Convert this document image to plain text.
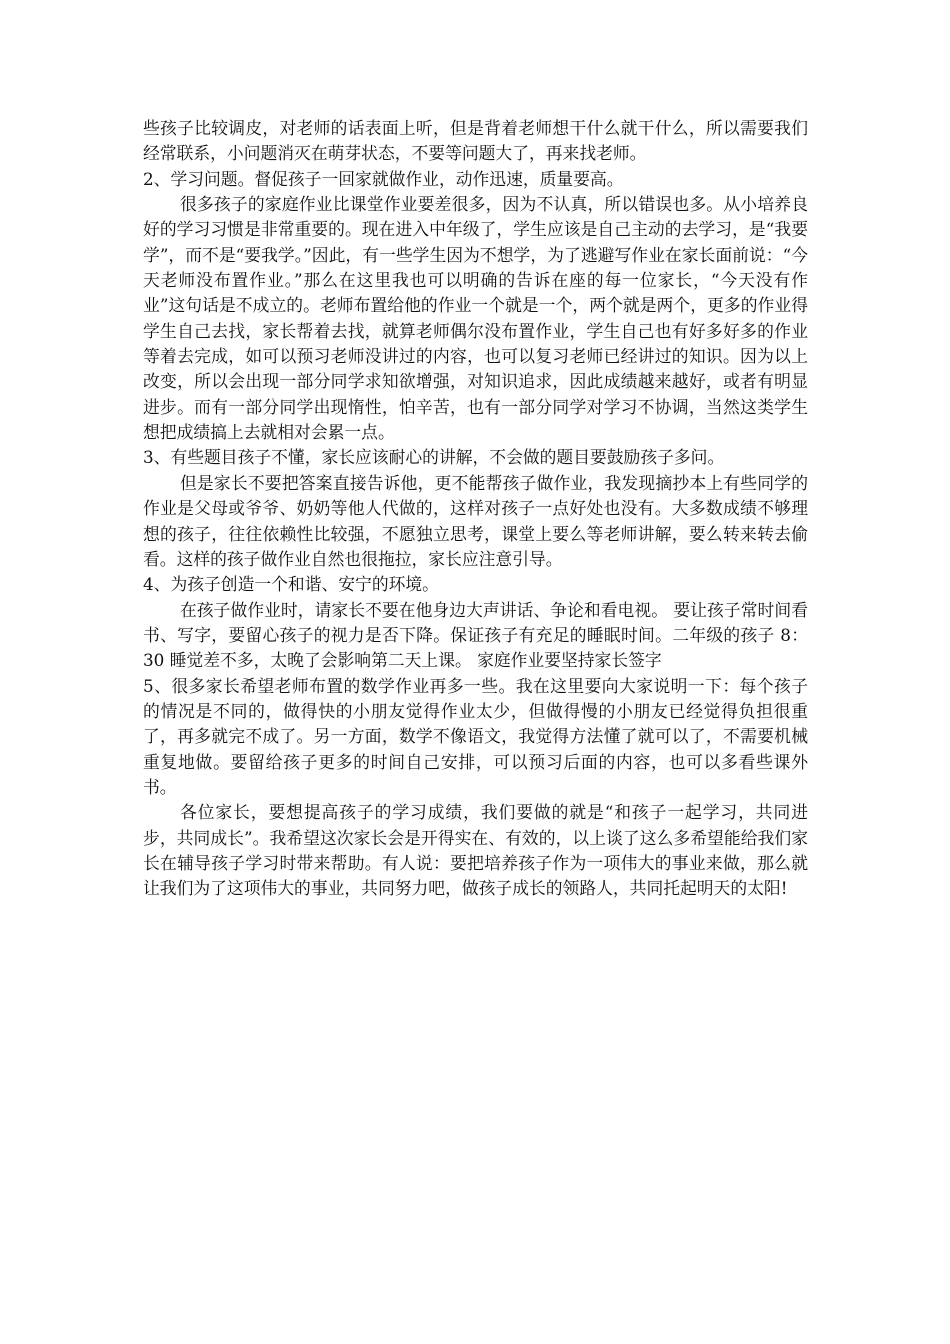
些孩子比较调皮，对老师的话表面上听，但是背着老师想干什么就干什么，所以需要我们经常联系，小问题消灭在萌芽状态，不要等问题大了，再来找老师。

2、学习问题。督促孩子一回家就做作业，动作迅速，质量要高。

很多孩子的家庭作业比课堂作业要差很多，因为不认真，所以错误也多。从小培养良好的学习习惯是非常重要的。现在进入中年级了，学生应该是自己主动的去学习，是“我要学”，而不是“要我学。”因此，有一些学生因为不想学，为了逃避写作业在家长面前说：“今天老师没布置作业。”那么在这里我也可以明确的告诉在座的每一位家长，“今天没有作业”这句话是不成立的。老师布置给他的作业一个就是一个，两个就是两个，更多的作业得学生自己去找，家长帮着去找，就算老师偶尔没布置作业，学生自己也有好多好多的作业等着去完成，如可以预习老师没讲过的内容，也可以复习老师已经讲过的知识。因为以上改变，所以会出现一部分同学求知欲增强，对知识追求，因此成绩越来越好，或者有明显进步。而有一部分同学出现惰性，怕辛苦，也有一部分同学对学习不协调，当然这类学生想把成绩搞上去就相对会累一点。

3、有些题目孩子不懂，家长应该耐心的讲解，不会做的题目要鼓励孩子多问。

但是家长不要把答案直接告诉他，更不能帮孩子做作业，我发现摘抄本上有些同学的作业是父母或爷爷、奶奶等他人代做的，这样对孩子一点好处也没有。大多数成绩不够理想的孩子，往往依赖性比较强，不愿独立思考，课堂上要么等老师讲解，要么转来转去偷看。这样的孩子做作业自然也很拖拉，家长应注意引导。

4、为孩子创造一个和谐、安宁的环境。

在孩子做作业时，请家长不要在他身边大声讲话、争论和看电视。 要让孩子常时间看书、写字，要留心孩子的视力是否下降。保证孩子有充足的睡眠时间。二年级的孩子 8：30 睡觉差不多，太晚了会影响第二天上课。 家庭作业要坚持家长签字

5、很多家长希望老师布置的数学作业再多一些。我在这里要向大家说明一下：每个孩子的情况是不同的，做得快的小朋友觉得作业太少，但做得慢的小朋友已经觉得负担很重了，再多就完不成了。另一方面，数学不像语文，我觉得方法懂了就可以了，不需要机械重复地做。要留给孩子更多的时间自己安排，可以预习后面的内容，也可以多看些课外书。

各位家长，要想提高孩子的学习成绩，我们要做的就是“和孩子一起学习，共同进步，共同成长”。我希望这次家长会是开得实在、有效的，以上谈了这么多希望能给我们家长在辅导孩子学习时带来帮助。有人说：要把培养孩子作为一项伟大的事业来做，那么就让我们为了这项伟大的事业，共同努力吧，做孩子成长的领路人，共同托起明天的太阳!
